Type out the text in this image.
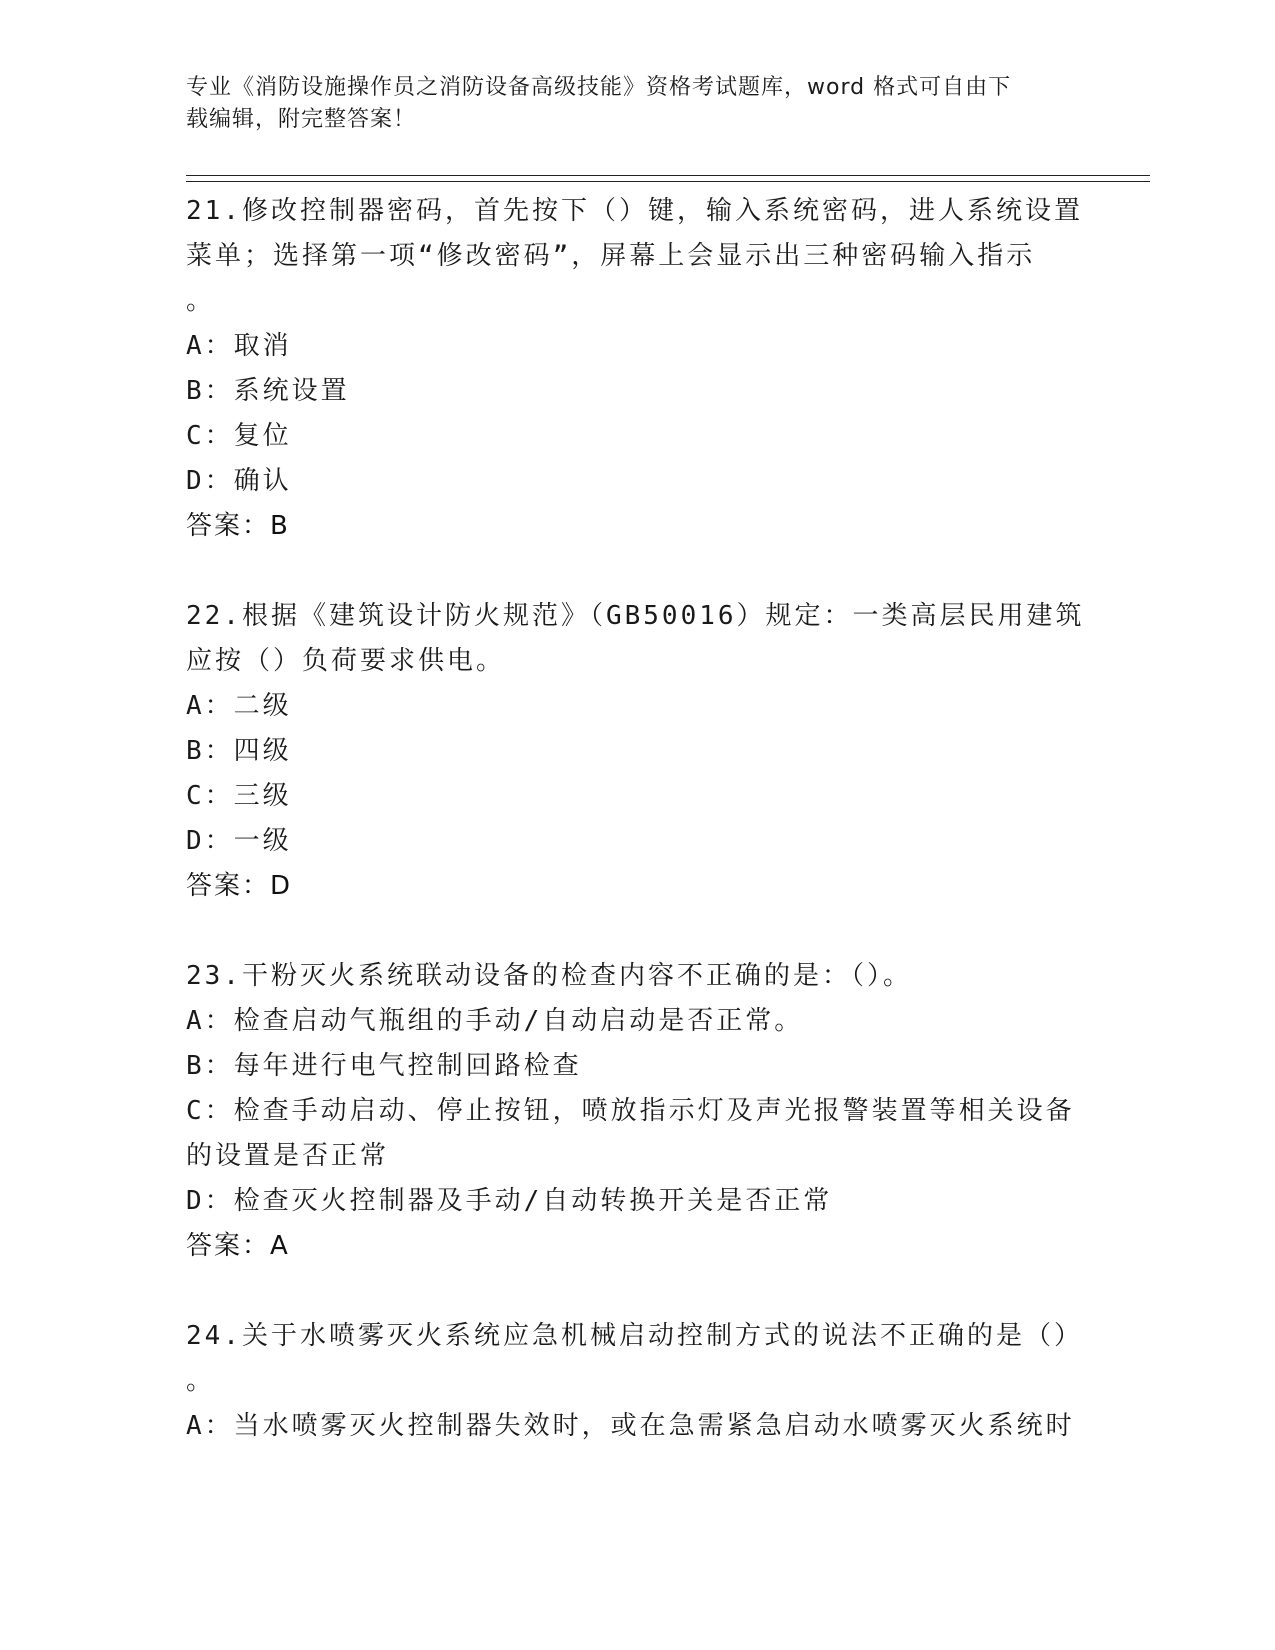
专业《消防设施操作员之消防设备高级技能》资格考试题库，word 格式可自由下
载编辑，附完整答案！
21.修改控制器密码，首先按下（）键，输入系统密码，进人系统设置
菜单；选择第一项“修改密码”，屏幕上会显示出三种密码输入指示
。
A：取消
B：系统设置
C：复位
D：确认
答案：B
22.根据《建筑设计防火规范》（GB50016）规定：一类高层民用建筑
应按（）负荷要求供电。
A：二级
B：四级
C：三级
D：一级
答案：D
23.干粉灭火系统联动设备的检查内容不正确的是：（）。
A：检查启动气瓶组的手动/自动启动是否正常。
B：每年进行电气控制回路检查
C：检查手动启动、停止按钮，喷放指示灯及声光报警装置等相关设备
的设置是否正常
D：检查灭火控制器及手动/自动转换开关是否正常
答案：A
24.关于水喷雾灭火系统应急机械启动控制方式的说法不正确的是（）
。
A：当水喷雾灭火控制器失效时，或在急需紧急启动水喷雾灭火系统时
